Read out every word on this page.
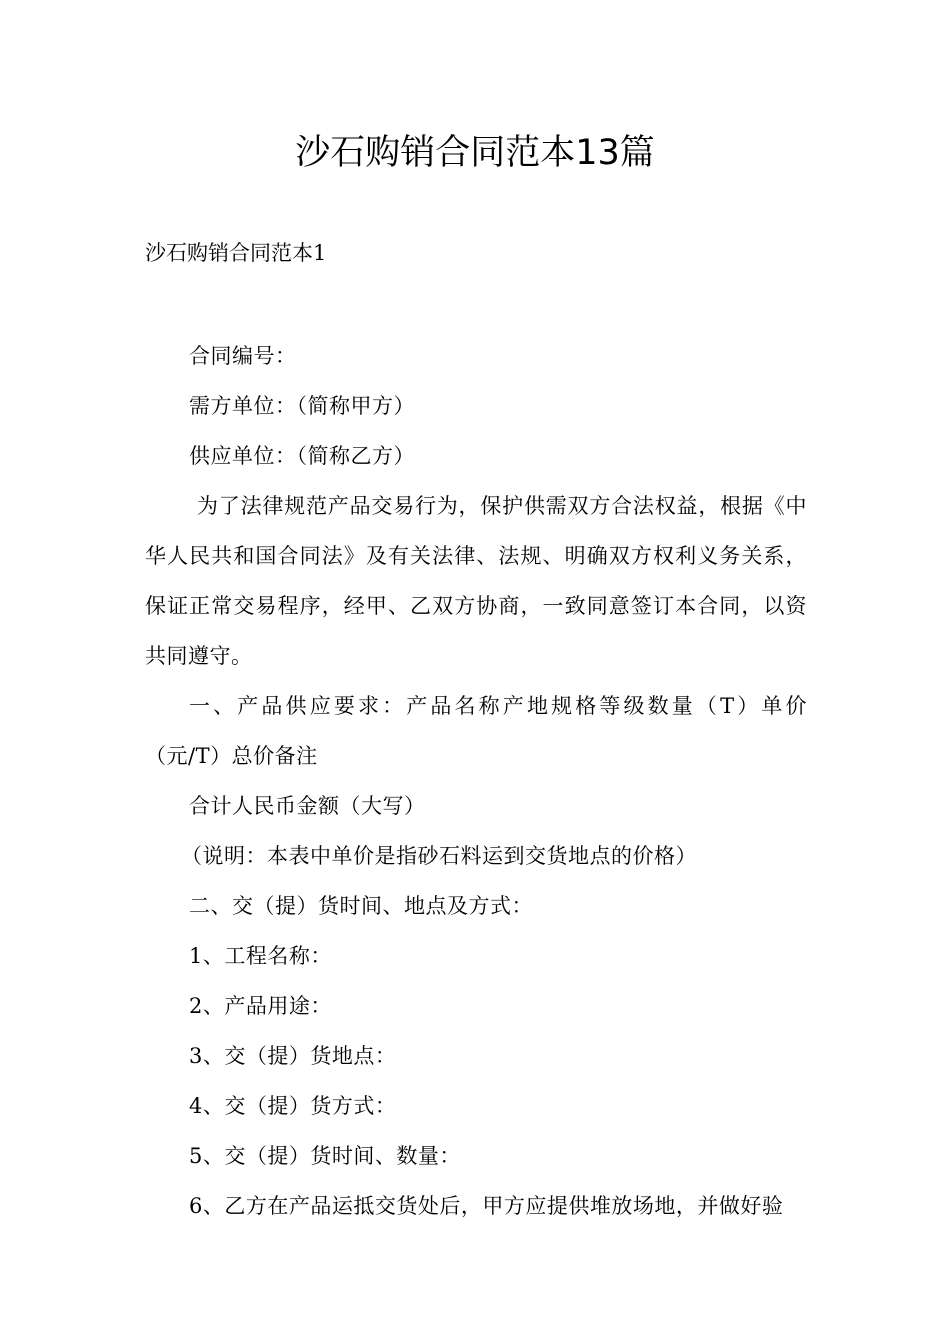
沙石购销合同范本13篇

沙石购销合同范本1

合同编号：

需方单位：（简称甲方）

供应单位：（简称乙方）

为了法律规范产品交易行为，保护供需双方合法权益，根据《中华人民共和国合同法》及有关法律、法规、明确双方权利义务关系，保证正常交易程序，经甲、乙双方协商，一致同意签订本合同，以资共同遵守。

一、产品供应要求：产品名称产地规格等级数量（T）单价（元/T）总价备注

合计人民币金额（大写）

（说明：本表中单价是指砂石料运到交货地点的价格）

二、交（提）货时间、地点及方式：

1、工程名称：

2、产品用途：

3、交（提）货地点：

4、交（提）货方式：

5、交（提）货时间、数量：

6、乙方在产品运抵交货处后，甲方应提供堆放场地，并做好验
